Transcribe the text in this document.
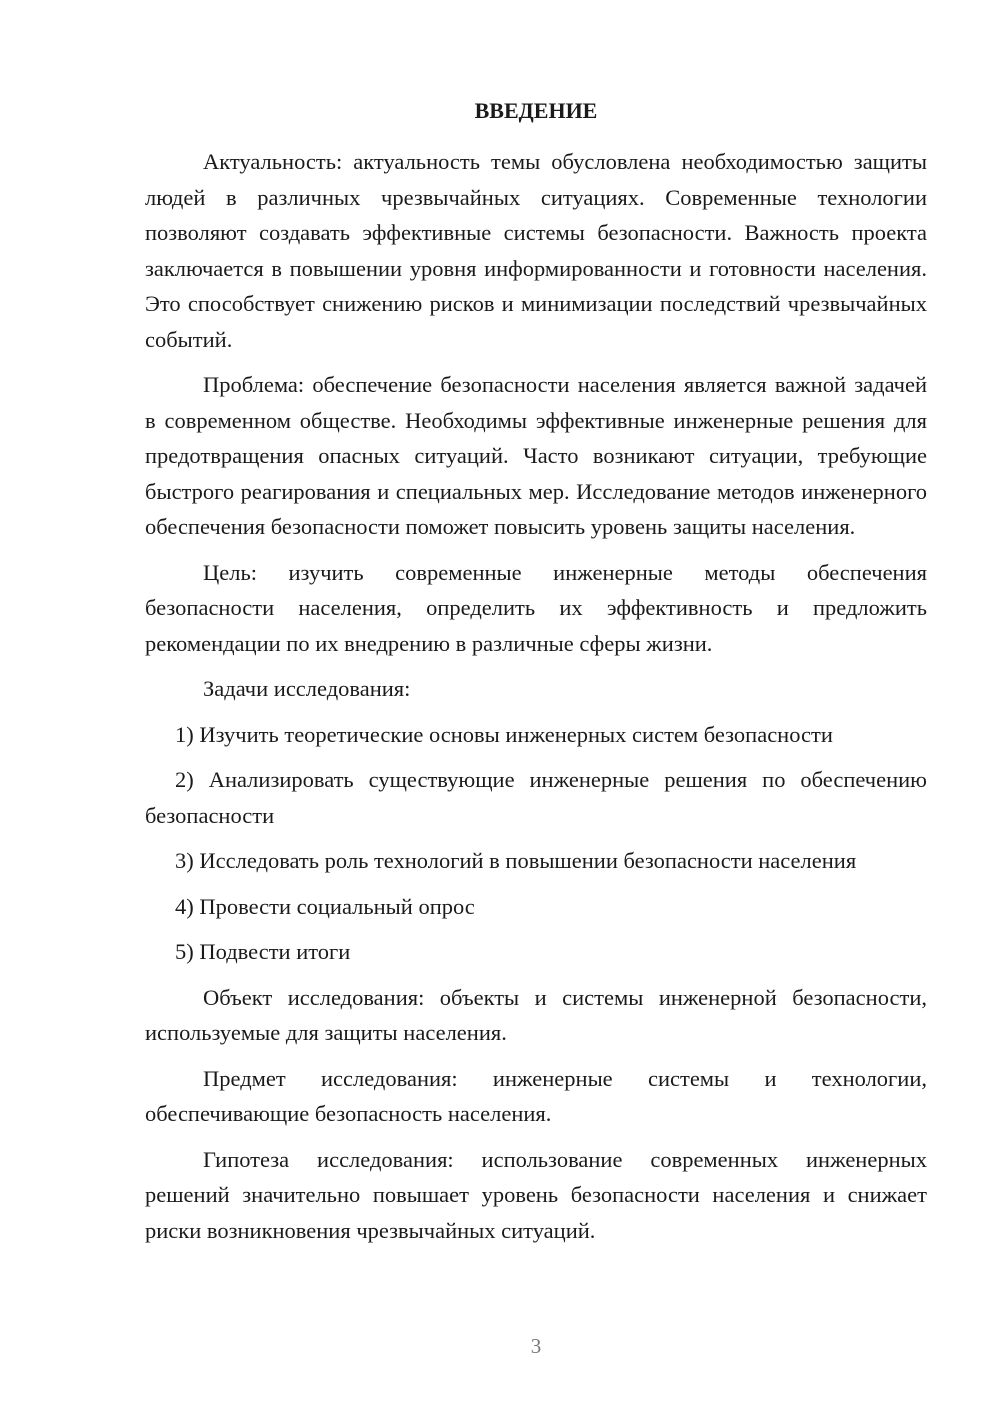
ВВЕДЕНИЕ

Актуальность: актуальность темы обусловлена необходимостью защиты людей в различных чрезвычайных ситуациях. Современные технологии позволяют создавать эффективные системы безопасности. Важность проекта заключается в повышении уровня информированности и готовности населения. Это способствует снижению рисков и минимизации последствий чрезвычайных событий.

Проблема: обеспечение безопасности населения является важной задачей в современном обществе. Необходимы эффективные инженерные решения для предотвращения опасных ситуаций. Часто возникают ситуации, требующие быстрого реагирования и специальных мер. Исследование методов инженерного обеспечения безопасности поможет повысить уровень защиты населения.

Цель: изучить современные инженерные методы обеспечения безопасности населения, определить их эффективность и предложить рекомендации по их внедрению в различные сферы жизни.

Задачи исследования:

1) Изучить теоретические основы инженерных систем безопасности

2) Анализировать существующие инженерные решения по обеспечению безопасности

3) Исследовать роль технологий в повышении безопасности населения

4) Провести социальный опрос

5) Подвести итоги

Объект исследования: объекты и системы инженерной безопасности, используемые для защиты населения.

Предмет исследования: инженерные системы и технологии, обеспечивающие безопасность населения.

Гипотеза исследования: использование современных инженерных решений значительно повышает уровень безопасности населения и снижает риски возникновения чрезвычайных ситуаций.

3
